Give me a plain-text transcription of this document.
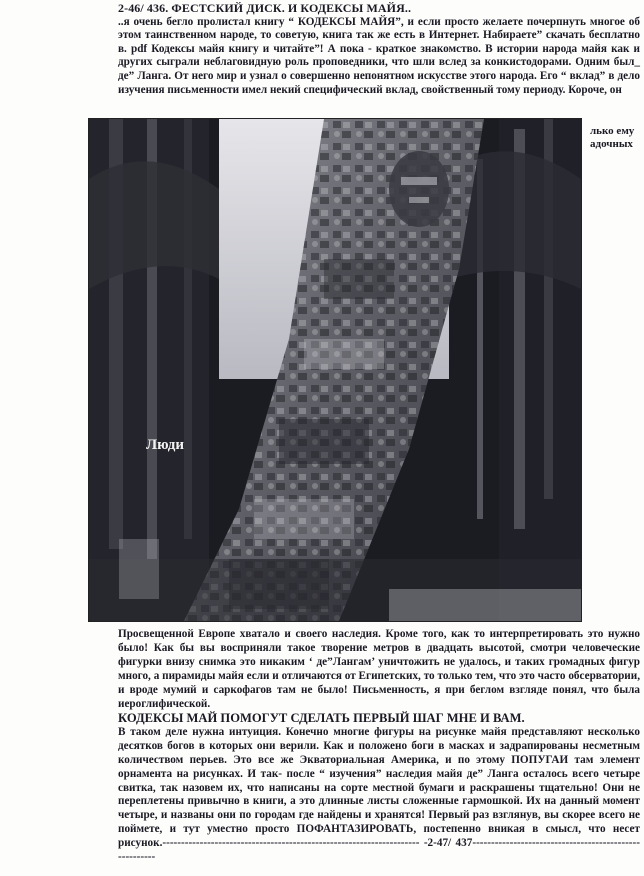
2-46/ 436. ФЕСТСКИЙ ДИСК. И КОДЕКСЫ МАЙЯ..

..я очень бегло пролистал книгу “ КОДЕКСЫ МАЙЯ”, и если просто желаете почерпнуть многое об этом таинственном народе, то советую, книга так же есть в Интернет. Набираете” скачать бесплатно в. pdf Кодексы майя книгу и читайте”! А пока - краткое знакомство. В истории народа майя как и других сыграли неблаговидную роль проповедники, что шли вслед за конкистодорами. Одним был_ де” Ланга. От него мир и узнал о совершенно непонятном искусстве этого народа. Его “ вклад” в дело изучения письменности имел некий специфический вклад, свойственный тому периоду. Короче, он

Люди
лько ему
адочных

Просвещенной Европе хватало и своего наследия. Кроме того, как то интерпретировать это нужно было! Как бы вы восприняли такое творение метров в двадцать высотой, смотри человеческие фигурки внизу снимка это никаким ‘ де”Лангам’ уничтожить не удалось, и таких громадных фигур много, а пирамиды майя если и отличаются от Египетских, то только тем, что это часто обсерватории, и вроде мумий и саркофагов там не было! Письменность, я при беглом взгляде понял, что была иероглифической.

КОДЕКСЫ МАЙ ПОМОГУТ СДЕЛАТЬ ПЕРВЫЙ ШАГ МНЕ И ВАМ.

В таком деле нужна интуиция. Конечно многие фигуры на рисунке майя представляют несколько десятков богов в которых они верили. Как и положено боги в масках и задрапированы несметным количеством перьев. Это все же Экваториальная Америка, и по этому ПОПУГАИ там элемент орнамента на рисунках. И так- после “ изучения” наследия майя де” Ланга осталось всего четыре свитка, так назовем их, что написаны на сорте местной бумаги и раскрашены тщательно! Они не переплетены привычно в книги, а это длинные листы сложенные гармошкой. Их на данный момент четыре, и названы они по городам где найдены и хранятся! Первый раз взглянув, вы скорее всего не поймете, и тут уместно просто ПОФАНТАЗИРОВАТЬ, постепенно вникая в смысл, что несет рисунок.--------------------------------------------------------------------- -2-47/ 437-------------------------------------------------------
